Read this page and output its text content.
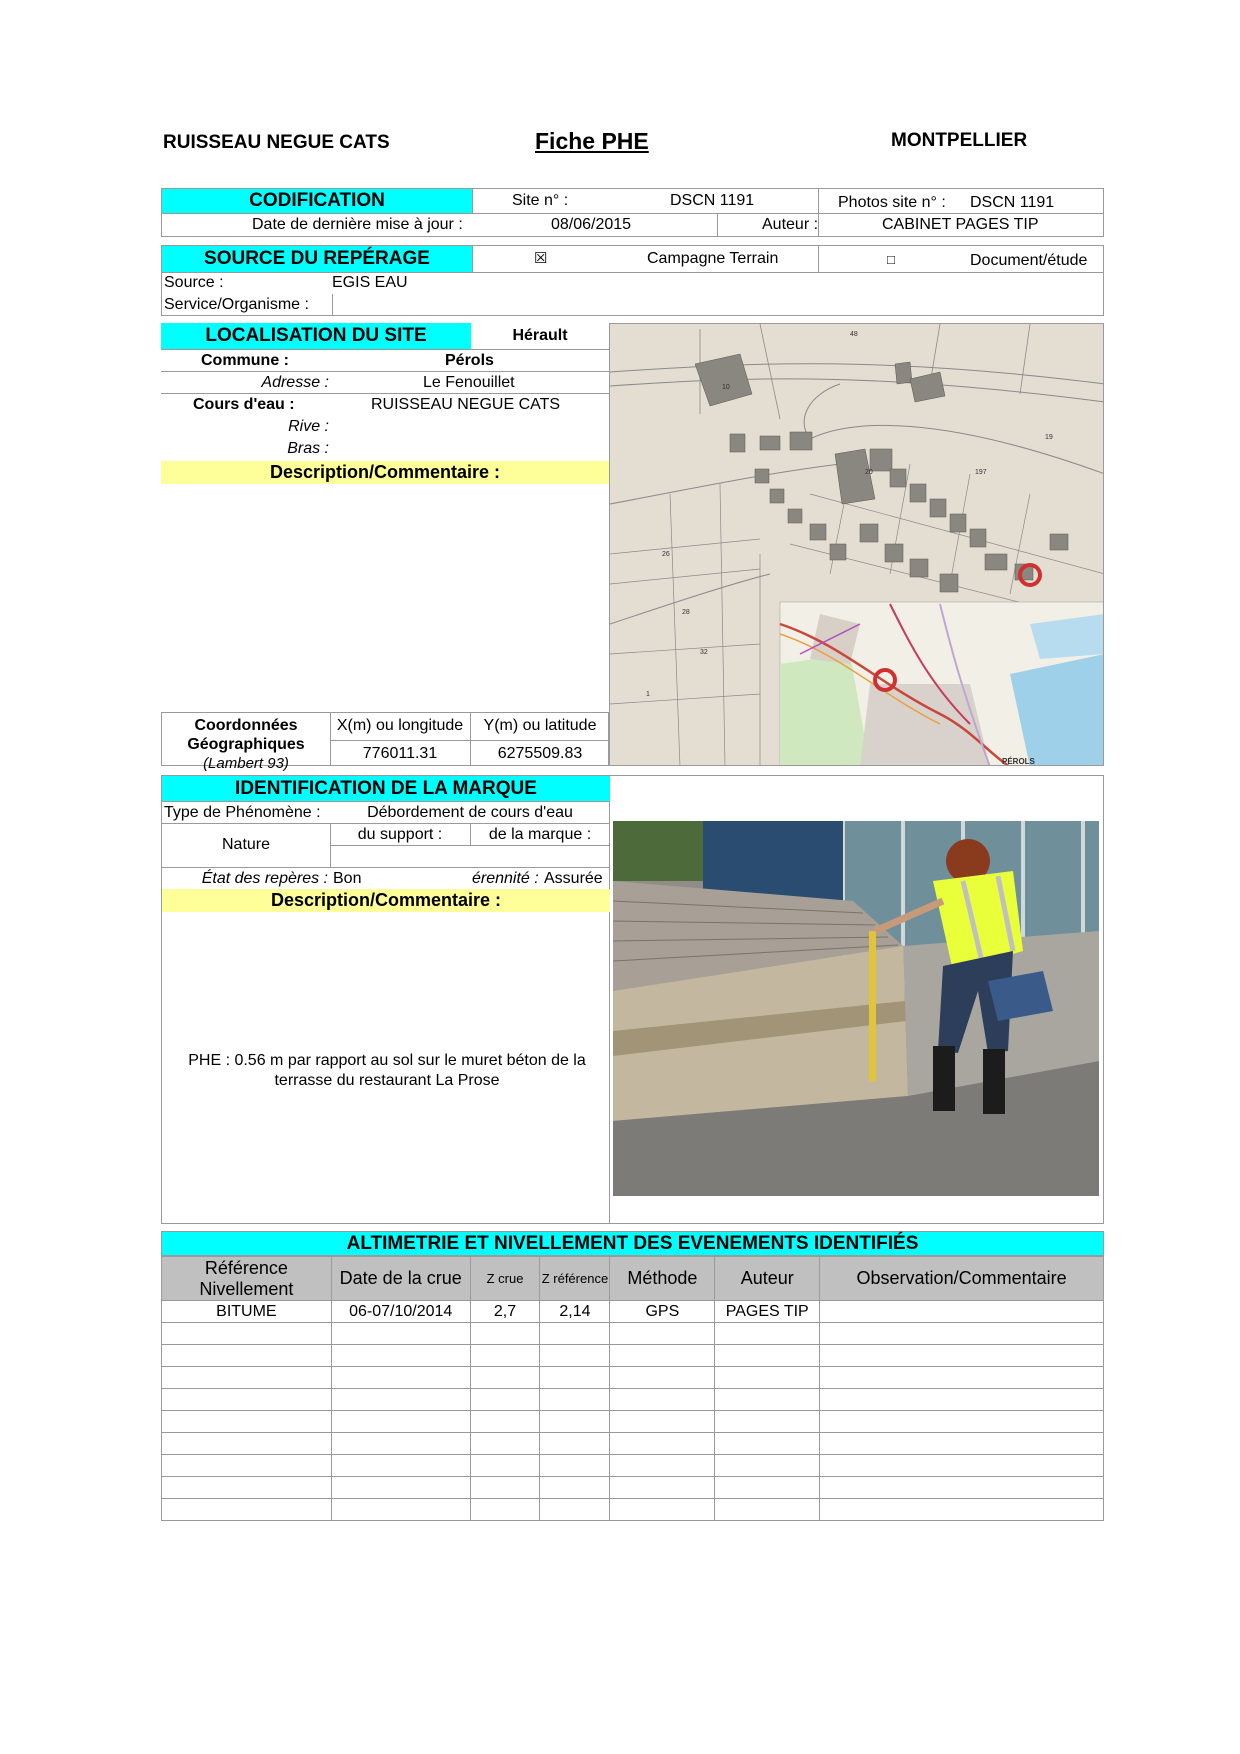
RUISSEAU NEGUE CATS	Fiche PHE	MONTPELLIER
CODIFICATION	Site n° :	DSCN 1191	Photos site n° : DSCN 1191
Date de dernière mise à jour :	08/06/2015	Auteur :	CABINET PAGES TIP
SOURCE DU REPÉRAGE	☒	Campagne Terrain	□	Document/étude
Source :	EGIS EAU
Service/Organisme :
LOCALISATION DU SITE	Hérault
Commune :	Pérols
Adresse :	Le Fenouillet
Cours d'eau :	RUISSEAU NEGUE CATS
Rive :
Bras :
Description/Commentaire :
Coordonnées
Géographiques
(Lambert 93)
X(m) ou longitude	Y(m) ou latitude
776011.31	6275509.83
48
19
10
197
20
1
26
28
32
PÉROLS
IDENTIFICATION DE LA MARQUE
Type de Phénomène :	Débordement de cours d'eau
Nature
du support :	de la marque :
État des repères : Bon	érennité : Assurée
Description/Commentaire :
PHE : 0.56 m par rapport au sol sur le muret béton de la terrasse du restaurant La Prose
ALTIMETRIE ET NIVELLEMENT DES EVENEMENTS IDENTIFIÉS
Référence Nivellement	Date de la crue	Z crue	Z référence	Méthode	Auteur	Observation/Commentaire
BITUME	06-07/10/2014	2,7	2,14	GPS	PAGES TIP	
